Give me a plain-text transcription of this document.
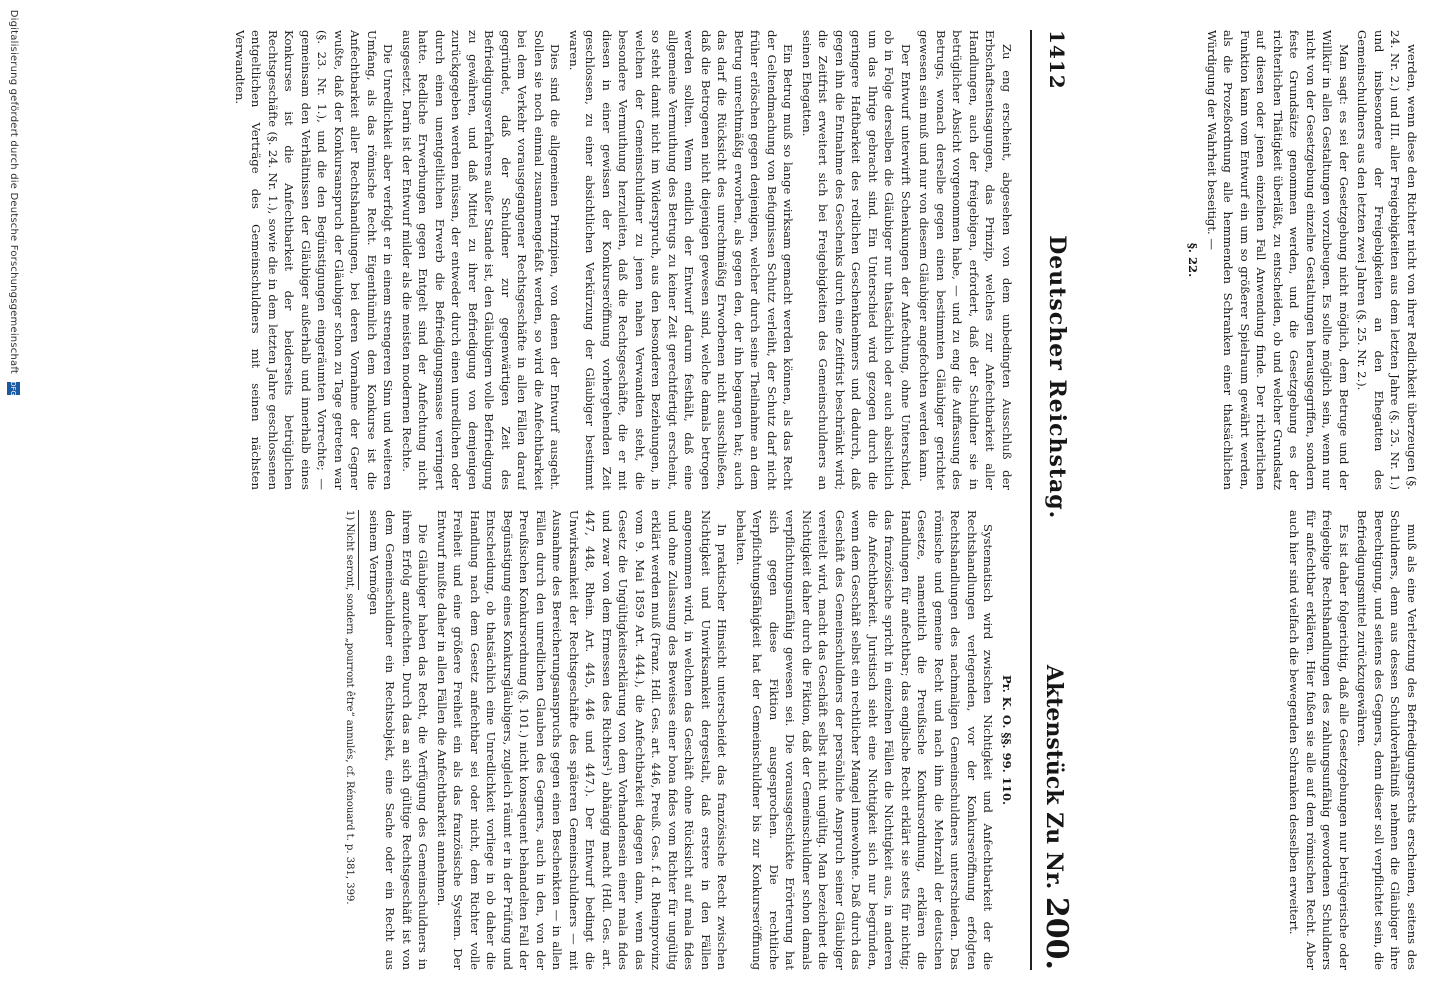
DFG
Digitalisierung gefördert durch die Deutsche Forschungsgemeinschaft	Zu eng erscheint, abgesehen von dem unbedingten Ausschluß der Erbschaftsentsagungen, das Prinzip, welches zur Anfechtbarkeit aller Handlungen, auch der freigebigen, erfordert, daß der Schuldner sie in betrüglicher Absicht vorgenommen habe, — und zu eng die Auffassung des Betrugs, wonach derselbe gegen einen bestimmten Gläubiger gerichtet gewesen sein muß und nur von diesem Gläubiger angefochten werden kann.

Der Entwurf unterwirft Schenkungen der Anfechtung, ohne Unterschied, ob in Folge derselben die Gläubiger nur thatsächlich oder auch absichtlich um das Ihrige gebracht sind. Ein Unterschied wird gezogen durch die geringere Haftbarkeit des redlichen Geschenknehmers und dadurch, daß gegen ihn die Entnahme des Geschenks durch eine Zeitfrist beschränkt wird; die Zeitfrist erweitert sich bei Freigebigkeiten des Gemeinschuldners an seinen Ehegatten.

Ein Betrug muß so lange wirksam gemacht werden können, als das Recht der Geltendmachung von Befugnissen Schutz verleiht, der Schutz darf nicht früher erlöschen gegen denjenigen, welcher durch seine Theilnahme an dem Betrug unrechtmäßig erworben, als gegen den, der ihn begangen hat; auch das darf die Rücksicht des unrechtmäßig Erworbenen nicht ausschließen, daß die Betrogenen nicht diejenigen gewesen sind, welche damals betrogen werden sollten. Wenn endlich der Entwurf darum festhält, daß eine allgemeine Vermuthung des Betrugs zu keiner Zeit gerechtfertigt erscheint, so steht damit nicht im Widerspruch, aus den besonderen Beziehungen, in welchen der Gemeinschuldner zu jenen nahen Verwandten steht, die besondere Vermuthung herzuleiten, daß die Rechtsgeschäfte, die er mit diesen in einer gewissen der Konkurseröffnung vorhergehenden Zeit geschlossen, zu einer absichtlichen Verkürzung der Gläubiger bestimmt waren.

Dies sind die allgemeinen Prinzipien, von denen der Entwurf ausgeht. Sollen sie noch einmal zusammengefaßt werden, so wird die Anfechtbarkeit bei dem Verkehr vorausgegangener Rechtsgeschäfte in allen Fällen darauf gegründet, daß der Schuldner zur gegenwärtigen Zeit des Befriedigungsverfahrens außer Stande ist, den Gläubigern volle Befriedigung zu gewähren, und daß Mittel zu ihrer Befriedigung von demjenigen zurückgegeben werden müssen, der entweder durch einen unredlichen oder durch einen unentgeltlichen Erwerb die Befriedigungsmasse verringert hatte. Redliche Erwerbungen gegen Entgelt sind der Anfechtung nicht ausgesetzt. Darin ist der Entwurf milder als die meisten modernen Rechte.

Die Unredlichkeit aber verfolgt er in einem strengeren Sinn und weiteren Umfang, als das römische Recht. Eigenthümlich dem Konkurse ist die Anfechtbarkeit aller Rechtshandlungen, bei deren Vornahme der Gegner wußte, daß der Konkursanspruch der Gläubiger schon zu Tage getreten war (§. 23. Nr. 1.), und die den Begünstigungen eingeräumten Vorrechte; — gemeinsam den Verhältnissen der Gläubiger außerhalb und innerhalb eines Konkurses ist die Anfechtbarkeit der beiderseits betrüglichen Rechtsgeschäfte (§. 24. Nr. 1.), sowie die in dem letzten Jahre geschlossenen entgeltlichen Verträge des Gemeinschuldners mit seinen nächsten Verwandten.

Pr. K. O. §§. 99. 110.

Systematisch wird zwischen Nichtigkeit und Anfechtbarkeit der die Rechtshandlungen verlegenden, vor der Konkurseröffnung erfolgten Rechtshandlungen des nachmaligen Gemeinschuldners unterschieden. Das römische und gemeine Recht und nach ihm die Mehrzahl der deutschen Gesetze, namentlich die Preußische Konkursordnung, erklären die Handlungen für anfechtbar; das englische Recht erklärt sie stets für nichtig; das französische spricht in einzelnen Fällen die Nichtigkeit aus, in anderen die Anfechtbarkeit. Juristisch sieht eine Nichtigkeit sich nur begründen, wenn dem Geschäft selbst ein rechtlicher Mangel innewohnte. Daß durch das Geschäft des Gemeinschuldners der persönliche Anspruch seiner Gläubiger vereitelt wird, macht das Geschäft selbst nicht ungültig. Man bezeichnet die Nichtigkeit daher durch die Fiktion, daß der Gemeinschuldner schon damals verpflichtungsunfähig gewesen sei. Die voraussgeschickte Erörterung hat sich gegen diese Fiktion ausgesprochen. Die rechtliche Verpflichtungsfähigkeit hat der Gemeinschuldner bis zur Konkurseröffnung behalten.

In praktischer Hinsicht unterscheidet das französische Recht zwischen Nichtigkeit und Unwirksamkeit dergestalt, daß erstere in den Fällen angenommen wird, in welchen das Geschäft ohne Rücksicht auf mala fides und ohne Zulassung des Beweises einer bona fides vom Richter für ungültig erklärt werden muß (Franz. Hdl. Ges. art. 446, Preuß. Ges. f. d. Rheinprovinz vom 9. Mai 1859 Art. 444.), die Anfechtbarkeit dagegen dann, wenn das Gesetz die Ungültigkeitserklärung von dem Vorhandensein einer mala fides und zwar von dem Ermessen des Richters¹) abhängig macht (Hdl. Ges. art. 447, 448, Rhein. Art. 445, 446 und 447.). Der Entwurf bedingt die Unwirksamkeit der Rechtsgeschäfte des späteren Gemeinschuldners — mit Ausnahme des Bereicherungsanspruchs gegen einen Beschenkten — in allen Fällen durch den unredlichen Glauben des Gegners, auch in den, von der Preußischen Konkursordnung (§. 101.) nicht konsequent behandelten Fall der Begünstigung eines Konkursgläubigers, zugleich räumt er in der Prüfung und Entscheidung, ob thatsächlich eine Unredlichkeit vorliege in ob daher die Handlung nach dem Gesetz anfechtbar sei oder nicht, dem Richter volle Freiheit und eine größere Freiheit ein als das französische System. Der Entwurf mußte daher in allen Fällen die Anfechtbarkeit annehmen.

Die Gläubiger haben das Recht, die Verfügung des Gemeinschuldners in ihrem Erfolg anzufechten. Durch das an sich gültige Rechtsgeschäft ist von dem Gemeinschuldner ein Rechtsobjekt, eine Sache oder ein Recht aus seinem Vermögen

1) Nicht seront, sondern „pourront être“ annulés, cf. Rénouard t. p. 381, 399.

1412
Deutscher Reichstag.
Aktenstück Zu Nr. 200.	muß als eine Verletzung des Befriedigungsrechts erscheinen, seitens des Schuldners, denn aus dessen Schuldverhältniß nehmen die Gläubiger ihre Berechtigung, und seitens des Gegners, denn dieser soll verpflichtet sein, die Befriedigungsmittel zurückzugewähren.

Es ist daher folgerichtig, daß alle Gesetzgebungen nur betrügerische oder freigebige Rechtshandlungen des zahlungsunfähig gewordenen Schuldners für anfechtbar erklären. Hier fußen sie alle auf dem römischen Recht. Aber auch hier sind vielfach die bewegenden Schranken desselben erweitert.

werden, wenn diese den Richter nicht von ihrer Redlichkeit überzeugen (§. 24. Nr. 2.) und III. aller Freigebigkeiten aus dem letzten Jahre (§. 25. Nr. 1.) und insbesondere der Freigebigkeiten an den Ehegatten des Gemeinschuldners aus den letzten zwei Jahren (§. 25. Nr. 2.).

Man sagt: es sei der Gesetzgebung nicht möglich, dem Betruge und der Willkür in allen Gestaltungen vorzubeugen. Es sollte möglich sein, wenn nur nicht von der Gesetzgebung einzelne Gestaltungen herausgegriffen, sondern feste Grundsätze genommen werden, und die Gesetzgebung es der richterlichen Thätigkeit überläßt, zu entscheiden, ob und welcher Grundsatz auf diesen oder jenen einzelnen Fall Anwendung finde. Der richterlichen Funktion kann vom Entwurf ein um so größerer Spielraum gewährt werden, als die Prozeßordnung alle hemmenden Schranken einer thatsächlichen Würdigung der Wahrheit beseitigt. —

§. 22.
